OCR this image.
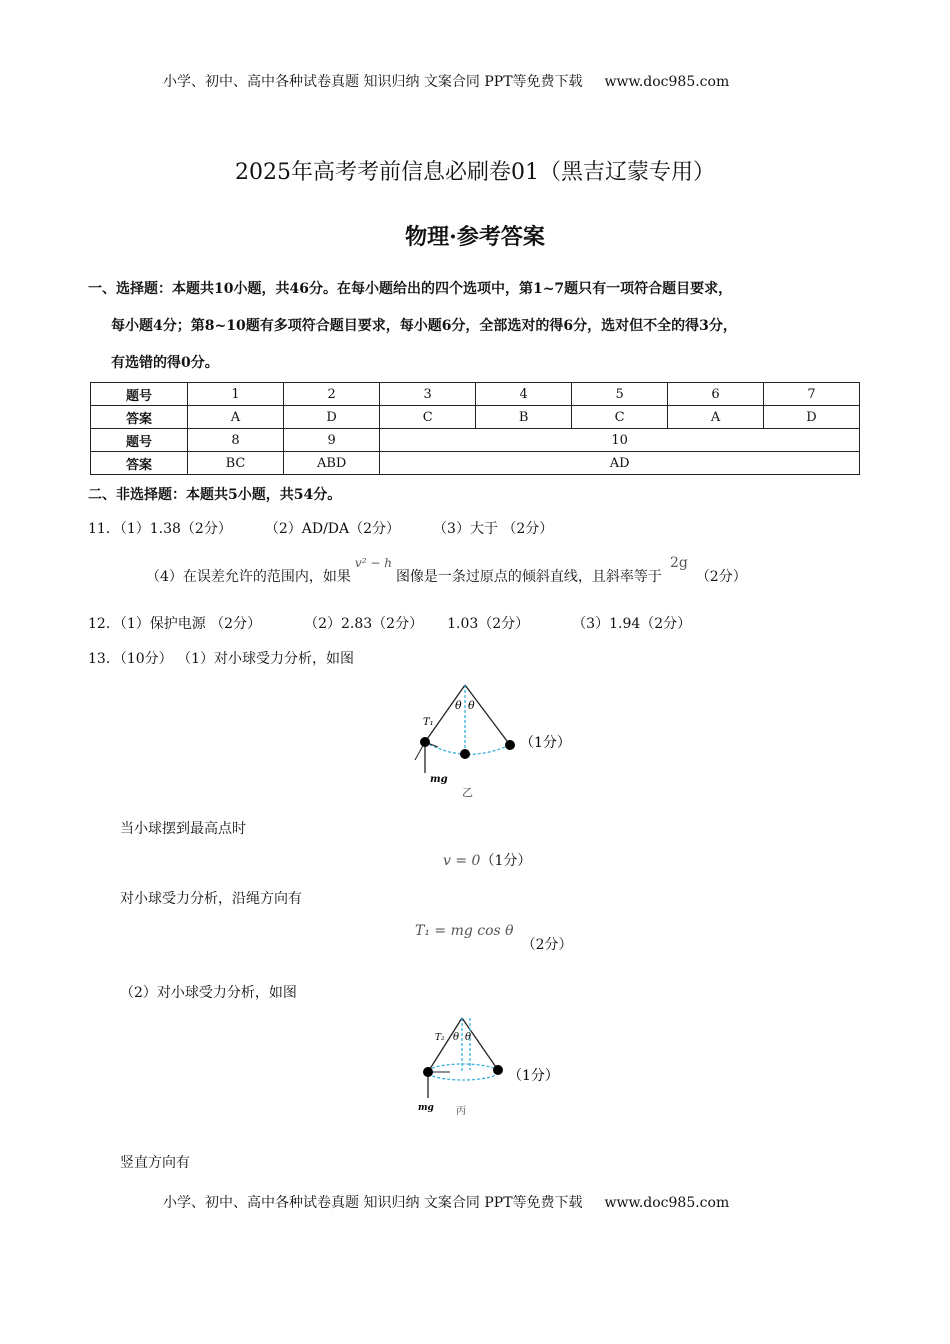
小学、初中、高中各种试卷真题 知识归纳 文案合同 PPT等免费下载 www.doc985.com
2025年高考考前信息必刷卷01（黑吉辽蒙专用）
物理·参考答案
一、选择题：本题共10小题，共46分。在每小题给出的四个选项中，第1~7题只有一项符合题目要求，
每小题4分；第8~10题有多项符合题目要求，每小题6分，全部选对的得6分，选对但不全的得3分，
有选错的得0分。
题号	1	2	3	4	5	6	7
答案	A	D	C	B	C	A	D
题号	8	9	10				
答案	BC	ABD	AD				
二、非选择题：本题共5小题，共54分。
11．（1）1.38（2分）	（2）AD/DA（2分）	（3）大于 （2分）
（4）在误差允许的范围内，如果v² − h图像是一条过原点的倾斜直线，且斜率等于2g（2分）
12．（1）保护电源 （2分）	（2）2.83（2分） 1.03（2分）	（3）1.94（2分）
13．（10分） （1）对小球受力分析，如图
θ θ
T₁
mg
乙
（1分）
当小球摆到最高点时
v = 0（1分）
对小球受力分析，沿绳方向有
T₁ = mg cos θ（2分）
（2）对小球受力分析，如图
θ θ
T₂
mg 丙
（1分）
竖直方向有
小学、初中、高中各种试卷真题 知识归纳 文案合同 PPT等免费下载 www.doc985.com
